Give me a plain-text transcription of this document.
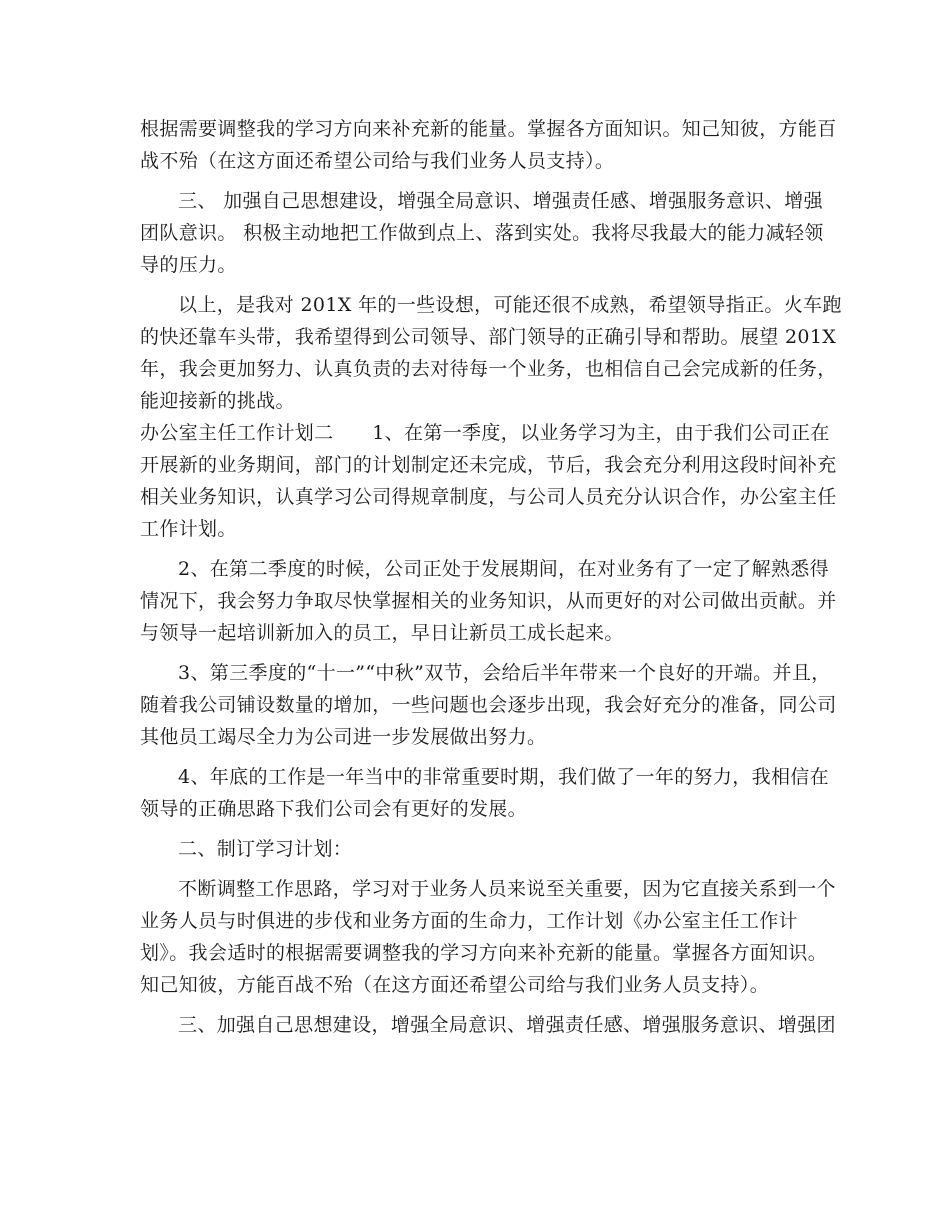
根据需要调整我的学习方向来补充新的能量。掌握各方面知识。知己知彼，方能百
战不殆（在这方面还希望公司给与我们业务人员支持）。
三、 加强自己思想建设，增强全局意识、增强责任感、增强服务意识、增强
团队意识。 积极主动地把工作做到点上、落到实处。我将尽我最大的能力减轻领
导的压力。
以上，是我对 201X 年的一些设想，可能还很不成熟，希望领导指正。火车跑
的快还靠车头带，我希望得到公司领导、部门领导的正确引导和帮助。展望 201X
年，我会更加努力、认真负责的去对待每一个业务，也相信自己会完成新的任务，
能迎接新的挑战。
办公室主任工作计划二　　1、在第一季度，以业务学习为主，由于我们公司正在
开展新的业务期间，部门的计划制定还未完成，节后，我会充分利用这段时间补充
相关业务知识，认真学习公司得规章制度，与公司人员充分认识合作，办公室主任
工作计划。
2、在第二季度的时候，公司正处于发展期间，在对业务有了一定了解熟悉得
情况下，我会努力争取尽快掌握相关的业务知识，从而更好的对公司做出贡献。并
与领导一起培训新加入的员工，早日让新员工成长起来。
3、第三季度的“十一”“中秋”双节，会给后半年带来一个良好的开端。并且，
随着我公司铺设数量的增加，一些问题也会逐步出现，我会好充分的准备，同公司
其他员工竭尽全力为公司进一步发展做出努力。
4、年底的工作是一年当中的非常重要时期，我们做了一年的努力，我相信在
领导的正确思路下我们公司会有更好的发展。
二、制订学习计划：
不断调整工作思路，学习对于业务人员来说至关重要，因为它直接关系到一个
业务人员与时俱进的步伐和业务方面的生命力，工作计划《办公室主任工作计
划》。我会适时的根据需要调整我的学习方向来补充新的能量。掌握各方面知识。
知己知彼，方能百战不殆（在这方面还希望公司给与我们业务人员支持）。
三、加强自己思想建设，增强全局意识、增强责任感、增强服务意识、增强团
